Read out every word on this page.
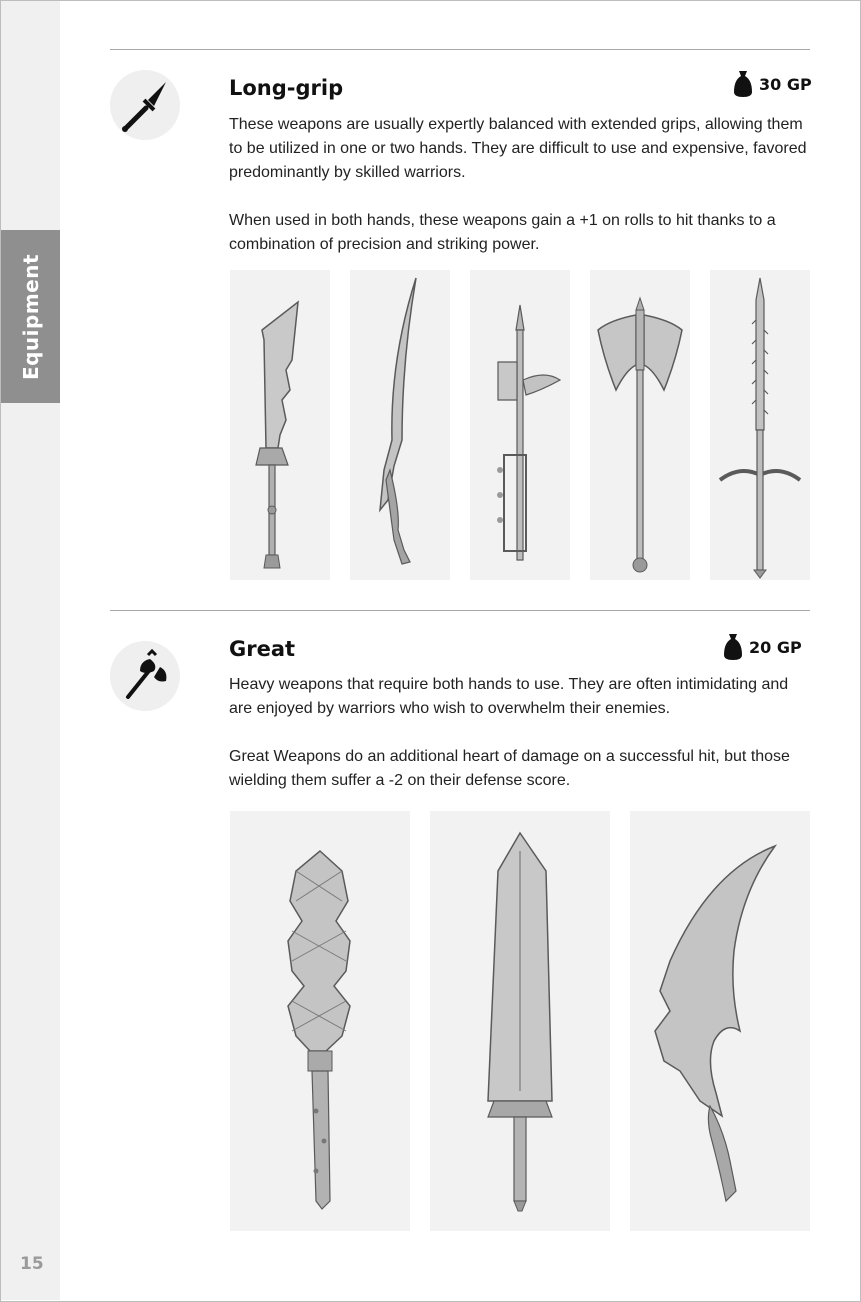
Equipment
15
Long-grip	30 GP

These weapons are usually expertly balanced with extended grips, allowing them to be utilized in one or two hands. They are difficult to use and expensive, favored predominantly by skilled warriors.

When used in both hands, these weapons gain a +1 on rolls to hit thanks to a combination of precision and striking power.

Great	20 GP

Heavy weapons that require both hands to use. They are often intimidating and are enjoyed by warriors who wish to overwhelm their enemies.

Great Weapons do an additional heart of damage on a successful hit, but those wielding them suffer a -2 on their defense score.
